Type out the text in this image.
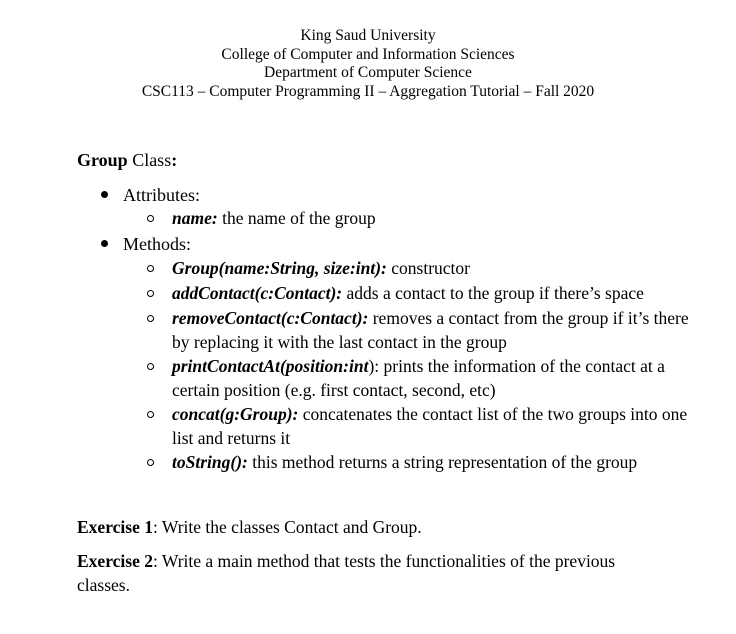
King Saud University
College of Computer and Information Sciences
Department of Computer Science
CSC113 – Computer Programming II – Aggregation Tutorial – Fall 2020
Group Class:
Attributes:
name: the name of the group
Methods:
Group(name:String, size:int): constructor
addContact(c:Contact): adds a contact to the group if there’s space
removeContact(c:Contact): removes a contact from the group if it’s there by replacing it with the last contact in the group
printContactAt(position:int): prints the information of the contact at a certain position (e.g. first contact, second, etc)
concat(g:Group): concatenates the contact list of the two groups into one list and returns it
toString(): this method returns a string representation of the group
Exercise 1: Write the classes Contact and Group.
Exercise 2: Write a main method that tests the functionalities of the previous classes.
